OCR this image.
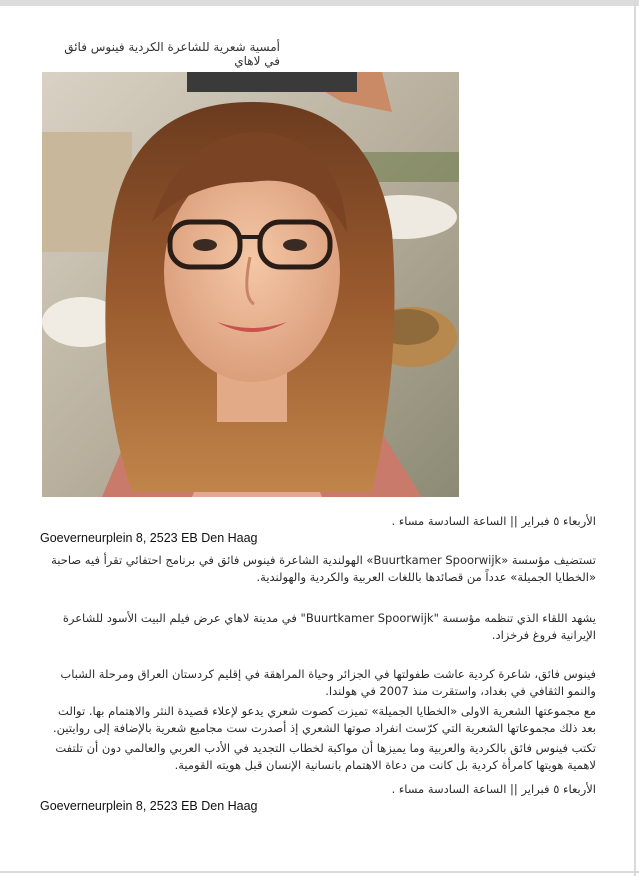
أمسية شعرية للشاعرة الكردية فينوس فائق في لاهاي
الأربعاء ٥ فبراير || الساعة السادسة مساء .
Goeverneurplein 8, 2523 EB Den Haag
تستضيف مؤسسة «Buurtkamer Spoorwijk» الهولندية الشاعرة فينوس فائق في برنامج احتفائي تقرأ فيه صاحبة «الخطايا الجميلة» عدداً من قصائدها باللغات العربية والكردية والهولندية.
يشهد اللقاء الذي تنظمه مؤسسة "Buurtkamer Spoorwijk" في مدينة لاهاي عرض فيلم البيت الأسود للشاعرة الإيرانية فروغ فرخزاد.
فينوس فائق، شاعرة كردية عاشت طفولتها في الجزائر وحياة المراهقة في إقليم كردستان العراق ومرحلة الشباب والنمو الثقافي في بغداد، واستقرت منذ 2007 في هولندا.
مع مجموعتها الشعرية الاولى «الخطايا الجميلة» تميزت كصوت شعري يدعو لإعلاء قصيدة النثر والاهتمام بها. توالت بعد ذلك مجموعاتها الشعرية التي كرّست انفراد صوتها الشعري إذ أصدرت ست مجاميع شعرية بالإضافة إلى روايتين.
تكتب فينوس فائق بالكردية والعربية وما يميزها أن مواكبة لخطاب التجديد في الأدب العربي والعالمي دون أن تلتفت لاهمية هويتها كامرأة كردية بل كانت من دعاة الاهتمام بانسانية الإنسان قبل هويته القومية.
الأربعاء ٥ فبراير || الساعة السادسة مساء .
Goeverneurplein 8, 2523 EB Den Haag
